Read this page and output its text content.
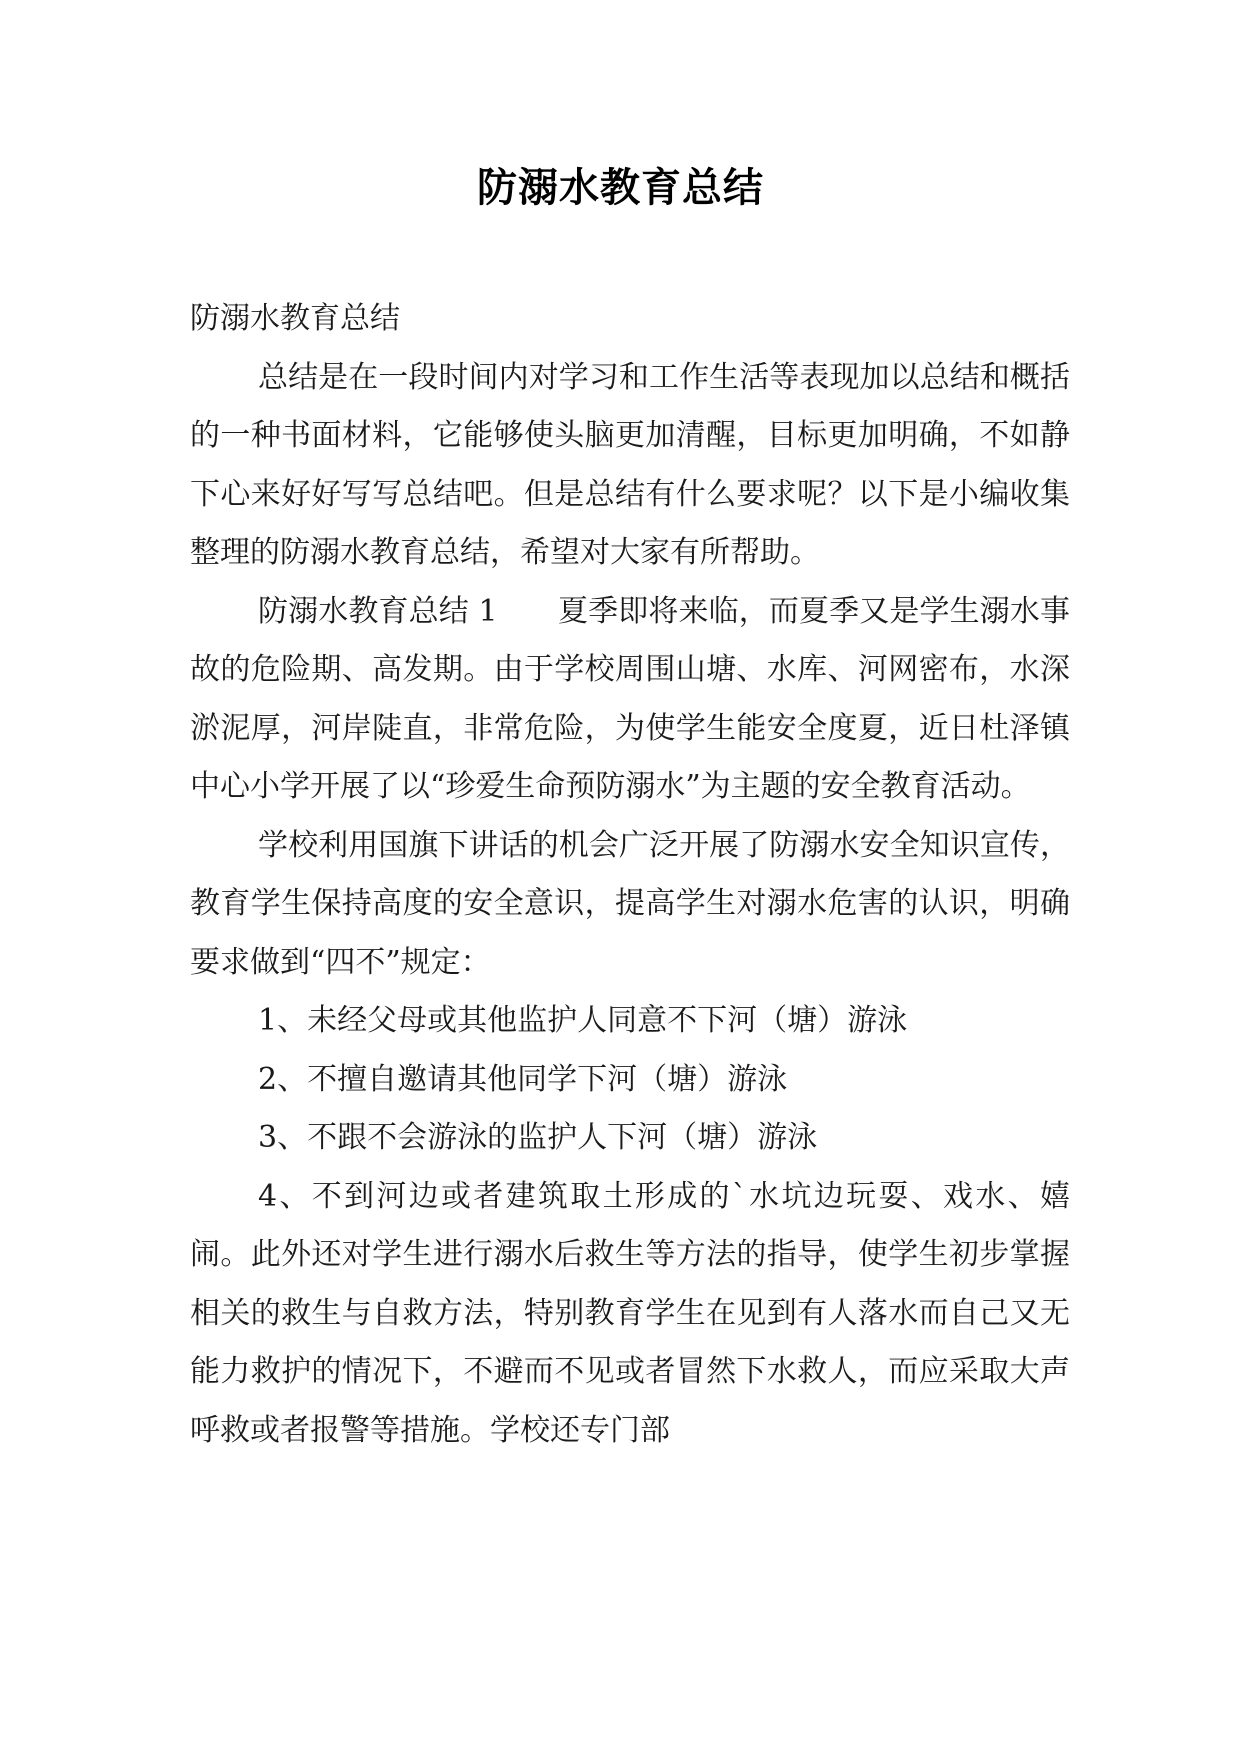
防溺水教育总结

防溺水教育总结

总结是在一段时间内对学习和工作生活等表现加以总结和概括的一种书面材料，它能够使头脑更加清醒，目标更加明确，不如静下心来好好写写总结吧。但是总结有什么要求呢？以下是小编收集整理的防溺水教育总结，希望对大家有所帮助。

防溺水教育总结 1　　夏季即将来临，而夏季又是学生溺水事故的危险期、高发期。由于学校周围山塘、水库、河网密布，水深淤泥厚，河岸陡直，非常危险，为使学生能安全度夏，近日杜泽镇中心小学开展了以“珍爱生命预防溺水”为主题的安全教育活动。

学校利用国旗下讲话的机会广泛开展了防溺水安全知识宣传，教育学生保持高度的安全意识，提高学生对溺水危害的认识，明确要求做到“四不”规定：

1、未经父母或其他监护人同意不下河（塘）游泳

2、不擅自邀请其他同学下河（塘）游泳

3、不跟不会游泳的监护人下河（塘）游泳

4、不到河边或者建筑取土形成的`水坑边玩耍、戏水、嬉闹。此外还对学生进行溺水后救生等方法的指导，使学生初步掌握相关的救生与自救方法，特别教育学生在见到有人落水而自己又无能力救护的情况下，不避而不见或者冒然下水救人，而应采取大声呼救或者报警等措施。学校还专门部
